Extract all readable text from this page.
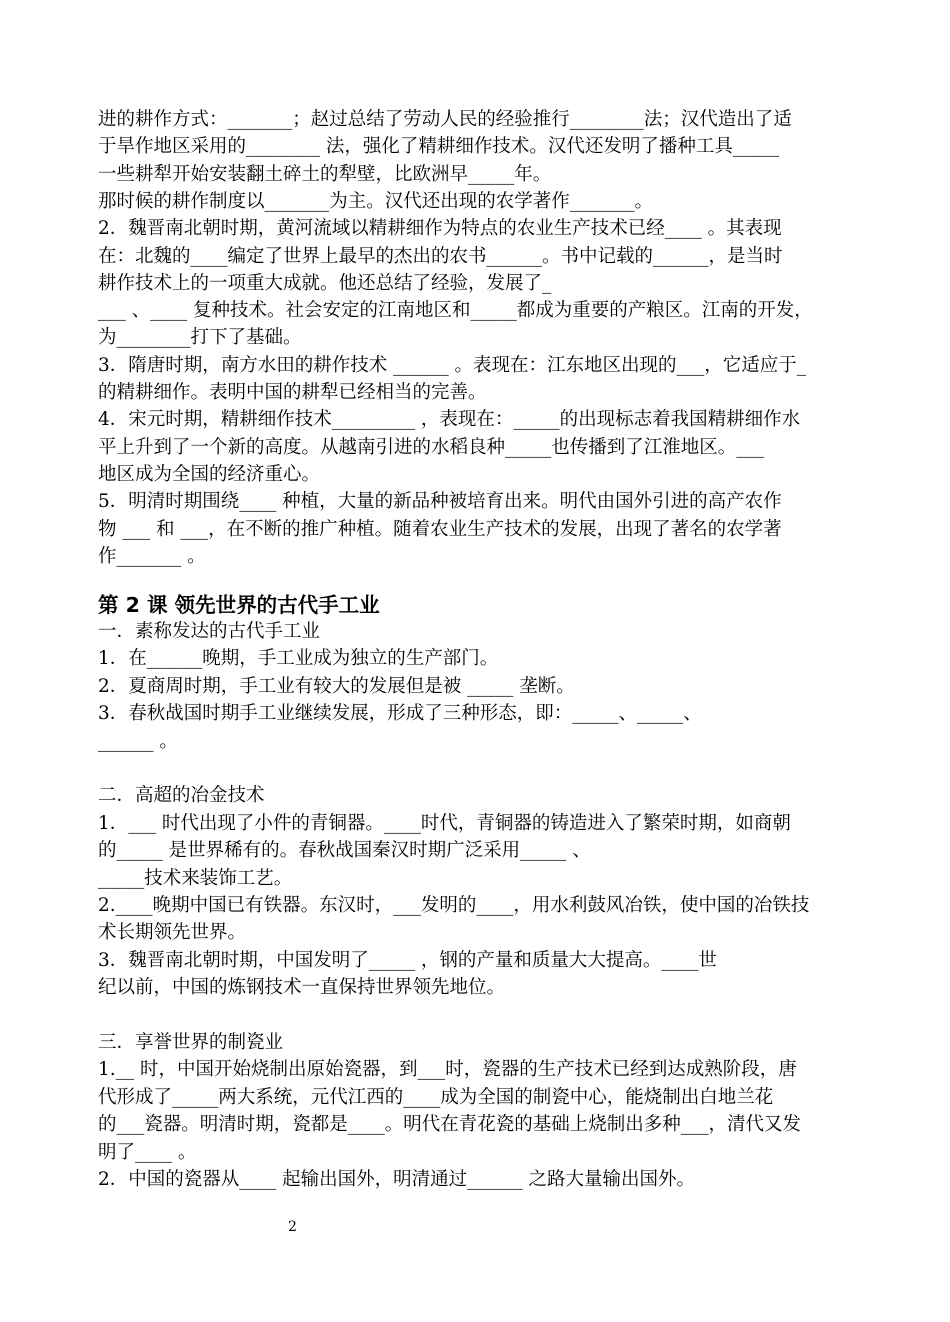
进的耕作方式：_______；赵过总结了劳动人民的经验推行________法；汉代造出了适
于旱作地区采用的________ 法，强化了精耕细作技术。汉代还发明了播种工具_____
一些耕犁开始安装翻土碎土的犁壁，比欧洲早_____年。
那时候的耕作制度以_______为主。汉代还出现的农学著作_______。
2．魏晋南北朝时期，黄河流域以精耕细作为特点的农业生产技术已经____ 。其表现
在：北魏的____编定了世界上最早的杰出的农书______。书中记载的______，是当时
耕作技术上的一项重大成就。他还总结了经验，发展了_
___ 、____ 复种技术。社会安定的江南地区和_____都成为重要的产粮区。江南的开发，
为________打下了基础。
3．隋唐时期，南方水田的耕作技术 ______ 。表现在：江东地区出现的___，它适应于_
的精耕细作。表明中国的耕犁已经相当的完善。
4．宋元时期，精耕细作技术_________ ，表现在：_____的出现标志着我国精耕细作水
平上升到了一个新的高度。从越南引进的水稻良种_____也传播到了江淮地区。___
地区成为全国的经济重心。
5．明清时期围绕____ 种植，大量的新品种被培育出来。明代由国外引进的高产农作
物 ___ 和 ___，在不断的推广种植。随着农业生产技术的发展，出现了著名的农学著
作_______ 。
第 2 课 领先世界的古代手工业
一．素称发达的古代手工业
1．在______晚期，手工业成为独立的生产部门。
2．夏商周时期，手工业有较大的发展但是被 _____ 垄断。
3．春秋战国时期手工业继续发展，形成了三种形态，即：_____、_____、
______ 。
二．高超的冶金技术
1．___ 时代出现了小件的青铜器。____时代，青铜器的铸造进入了繁荣时期，如商朝
的_____ 是世界稀有的。春秋战国秦汉时期广泛采用_____ 、
_____技术来装饰工艺。
2.____晚期中国已有铁器。东汉时，___发明的____，用水利鼓风冶铁，使中国的冶铁技
术长期领先世界。
3．魏晋南北朝时期，中国发明了_____ ，钢的产量和质量大大提高。____世
纪以前，中国的炼钢技术一直保持世界领先地位。
三．享誉世界的制瓷业
1.__ 时，中国开始烧制出原始瓷器，到___时，瓷器的生产技术已经到达成熟阶段，唐
代形成了_____两大系统，元代江西的____成为全国的制瓷中心，能烧制出白地兰花
的___瓷器。明清时期，瓷都是____。明代在青花瓷的基础上烧制出多种___，清代又发
明了____ 。
2．中国的瓷器从____ 起输出国外，明清通过______ 之路大量输出国外。
2
